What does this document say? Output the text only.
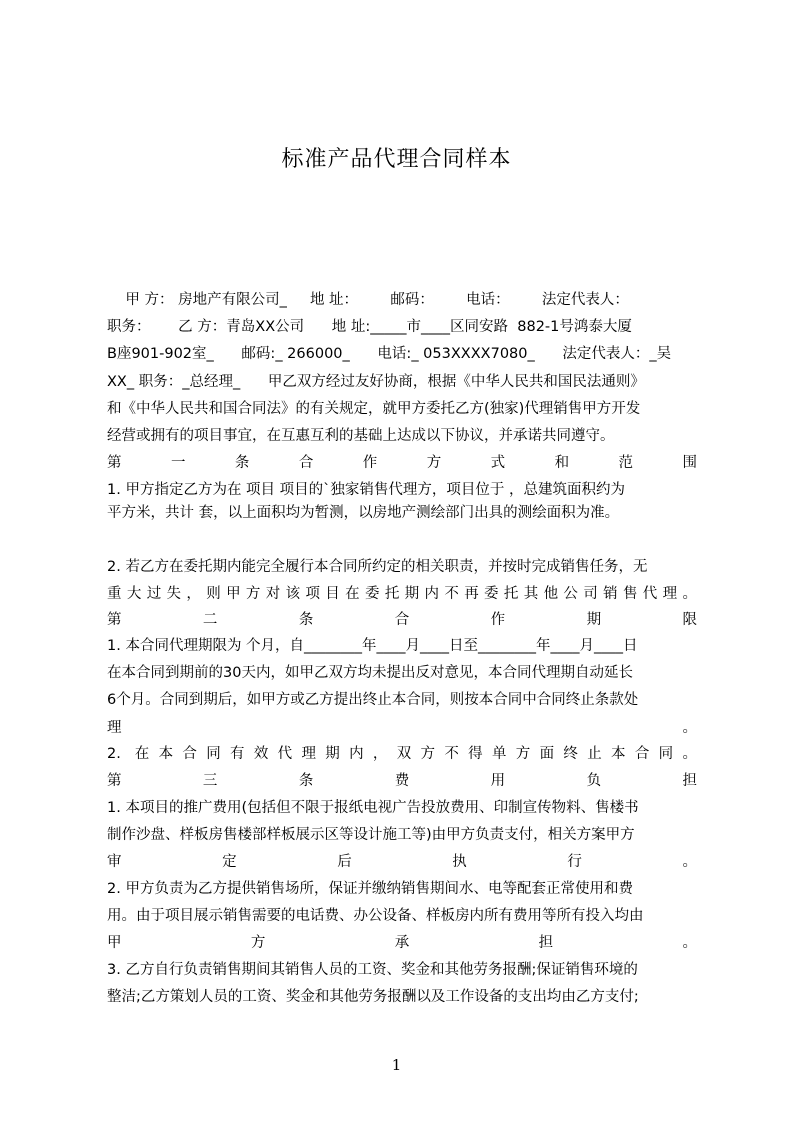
标准产品代理合同样本
甲 方： 房地产有限公司_     地 址：       邮码：       电话：       法定代表人：
职务：      乙 方：青岛XX公司      地 址:_____市____区同安路  882-1号鸿泰大厦
B座901-902室_      邮码:_ 266000_      电话:_ 053XXXX7080_      法定代表人：_吴
XX_ 职务：_总经理_      甲乙双方经过友好协商，根据《中华人民共和国民法通则》
和《中华人民共和国合同法》的有关规定，就甲方委托乙方(独家)代理销售甲方开发
经营或拥有的项目事宜，在互惠互利的基础上达成以下协议，并承诺共同遵守。
第 一 条 合 作 方 式 和 范 围
1. 甲方指定乙方为在 项目 项目的`独家销售代理方，项目位于 ，总建筑面积约为
平方米，共计 套，以上面积均为暂测，以房地产测绘部门出具的测绘面积为准。
2. 若乙方在委托期内能完全履行本合同所约定的相关职责，并按时完成销售任务，无
重大过失，则甲方对该项目在委托期内不再委托其他公司销售代理。
第 二 条 合 作 期 限
1. 本合同代理期限为 个月，自________年____月____日至________年____月____日
在本合同到期前的30天内，如甲乙双方均未提出反对意见，本合同代理期自动延长
6个月。合同到期后，如甲方或乙方提出终止本合同，则按本合同中合同终止条款处
理 。
2. 在本合同有效代理期内，双方不得单方面终止本合同。
第 三 条 费 用 负 担
1. 本项目的推广费用(包括但不限于报纸电视广告投放费用、印制宣传物料、售楼书
制作沙盘、样板房售楼部样板展示区等设计施工等)由甲方负责支付，相关方案甲方
审 定 后 执 行 。
2. 甲方负责为乙方提供销售场所，保证并缴纳销售期间水、电等配套正常使用和费
用。由于项目展示销售需要的电话费、办公设备、样板房内所有费用等所有投入均由
甲 方 承 担 。
3. 乙方自行负责销售期间其销售人员的工资、奖金和其他劳务报酬;保证销售环境的
整洁;乙方策划人员的工资、奖金和其他劳务报酬以及工作设备的支出均由乙方支付;
1
